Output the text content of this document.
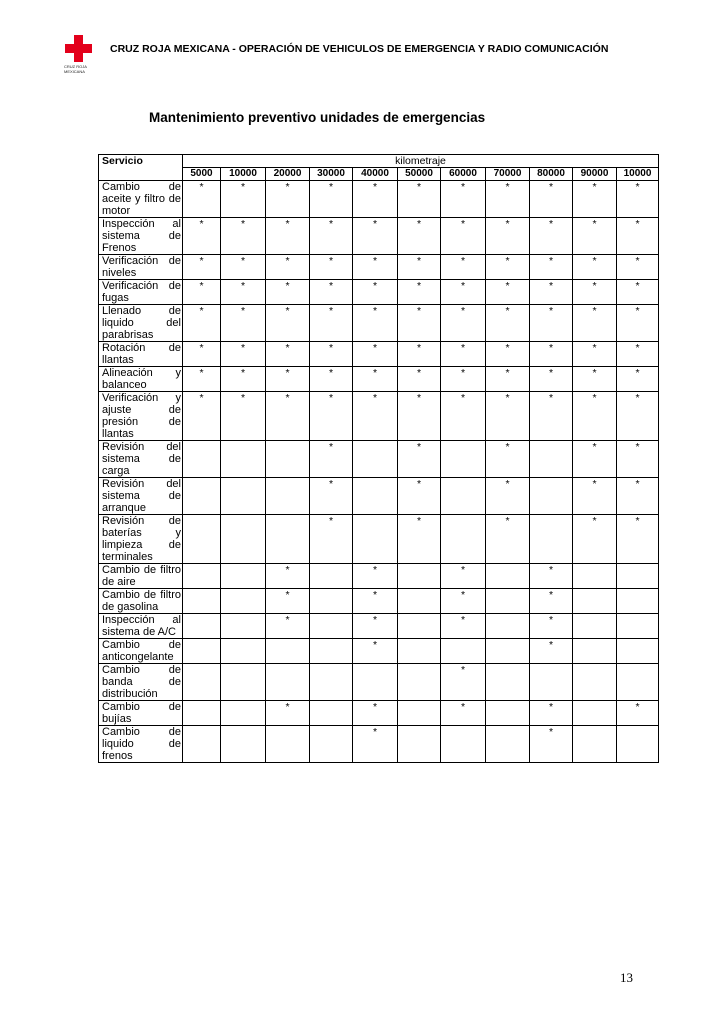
CRUZ ROJA MEXICANA
CRUZ ROJA MEXICANA - OPERACIÓN DE VEHICULOS DE EMERGENCIA Y RADIO COMUNICACIÓN
Mantenimiento preventivo unidades de emergencias
Servicio	kilometraje										
	5000	10000	20000	30000	40000	50000	60000	70000	80000	90000	10000
Cambio de aceite y filtro de motor	*	*	*	*	*	*	*	*	*	*	*
Inspección al sistema de Frenos	*	*	*	*	*	*	*	*	*	*	*
Verificación de niveles	*	*	*	*	*	*	*	*	*	*	*
Verificación de fugas	*	*	*	*	*	*	*	*	*	*	*
Llenado de liquido del parabrisas	*	*	*	*	*	*	*	*	*	*	*
Rotación de llantas	*	*	*	*	*	*	*	*	*	*	*
Alineación y balanceo	*	*	*	*	*	*	*	*	*	*	*
Verificación y ajuste de presión de llantas	*	*	*	*	*	*	*	*	*	*	*
Revisión del sistema de carga				*		*		*		*	*
Revisión del sistema de arranque				*		*		*		*	*
Revisión de baterías y limpieza de terminales				*		*		*		*	*
Cambio de filtro de aire			*		*		*		*		
Cambio de filtro de gasolina			*		*		*		*		
Inspección al sistema de A/C			*		*		*		*		
Cambio de anticongelante					*				*		
Cambio de banda de distribución							*				
Cambio de bujías			*		*		*		*		*
Cambio de liquido de frenos					*				*		
13
